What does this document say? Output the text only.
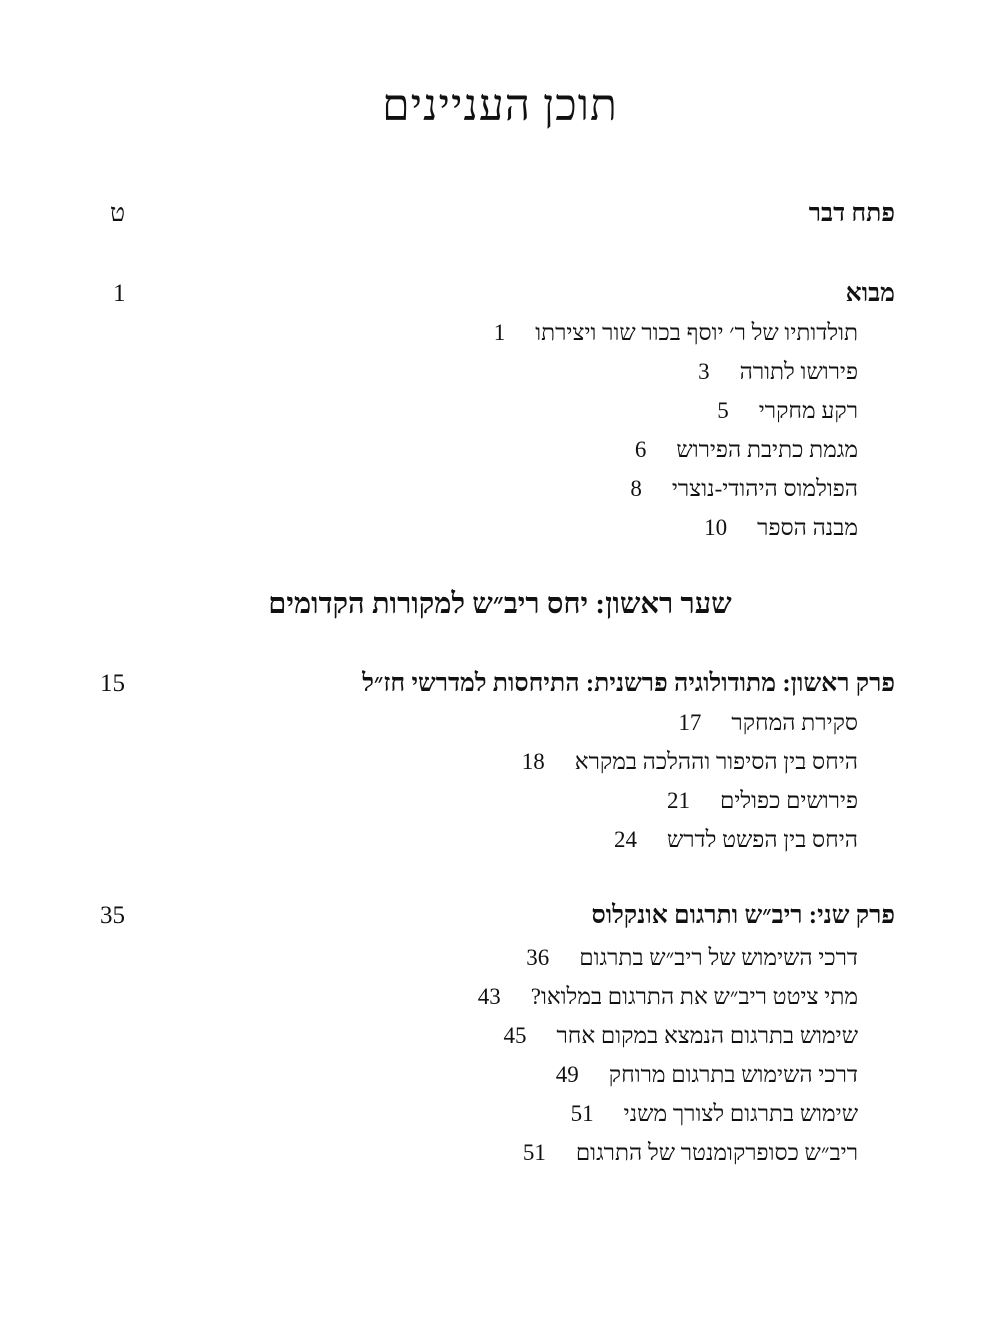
תוכן העניינים
פתח דבר
ט
מבוא
1
תולדותיו של ר׳ יוסף בכור שור ויצירתו1
פירושו לתורה3
רקע מחקרי5
מגמת כתיבת הפירוש6
הפולמוס היהודי-נוצרי8
מבנה הספר10
שער ראשון: יחס ריב״ש למקורות הקדומים
פרק ראשון: מתודולוגיה פרשנית: התיחסות למדרשי חז״ל
15
סקירת המחקר17
היחס בין הסיפור וההלכה במקרא18
פירושים כפולים21
היחס בין הפשט לדרש24
פרק שני: ריב״ש ותרגום אונקלוס
35
דרכי השימוש של ריב״ש בתרגום36
מתי ציטט ריב״ש את התרגום במלואו?43
שימוש בתרגום הנמצא במקום אחר45
דרכי השימוש בתרגום מרוחק49
שימוש בתרגום לצורך משני51
ריב״ש כסופרקומנטר של התרגום51
